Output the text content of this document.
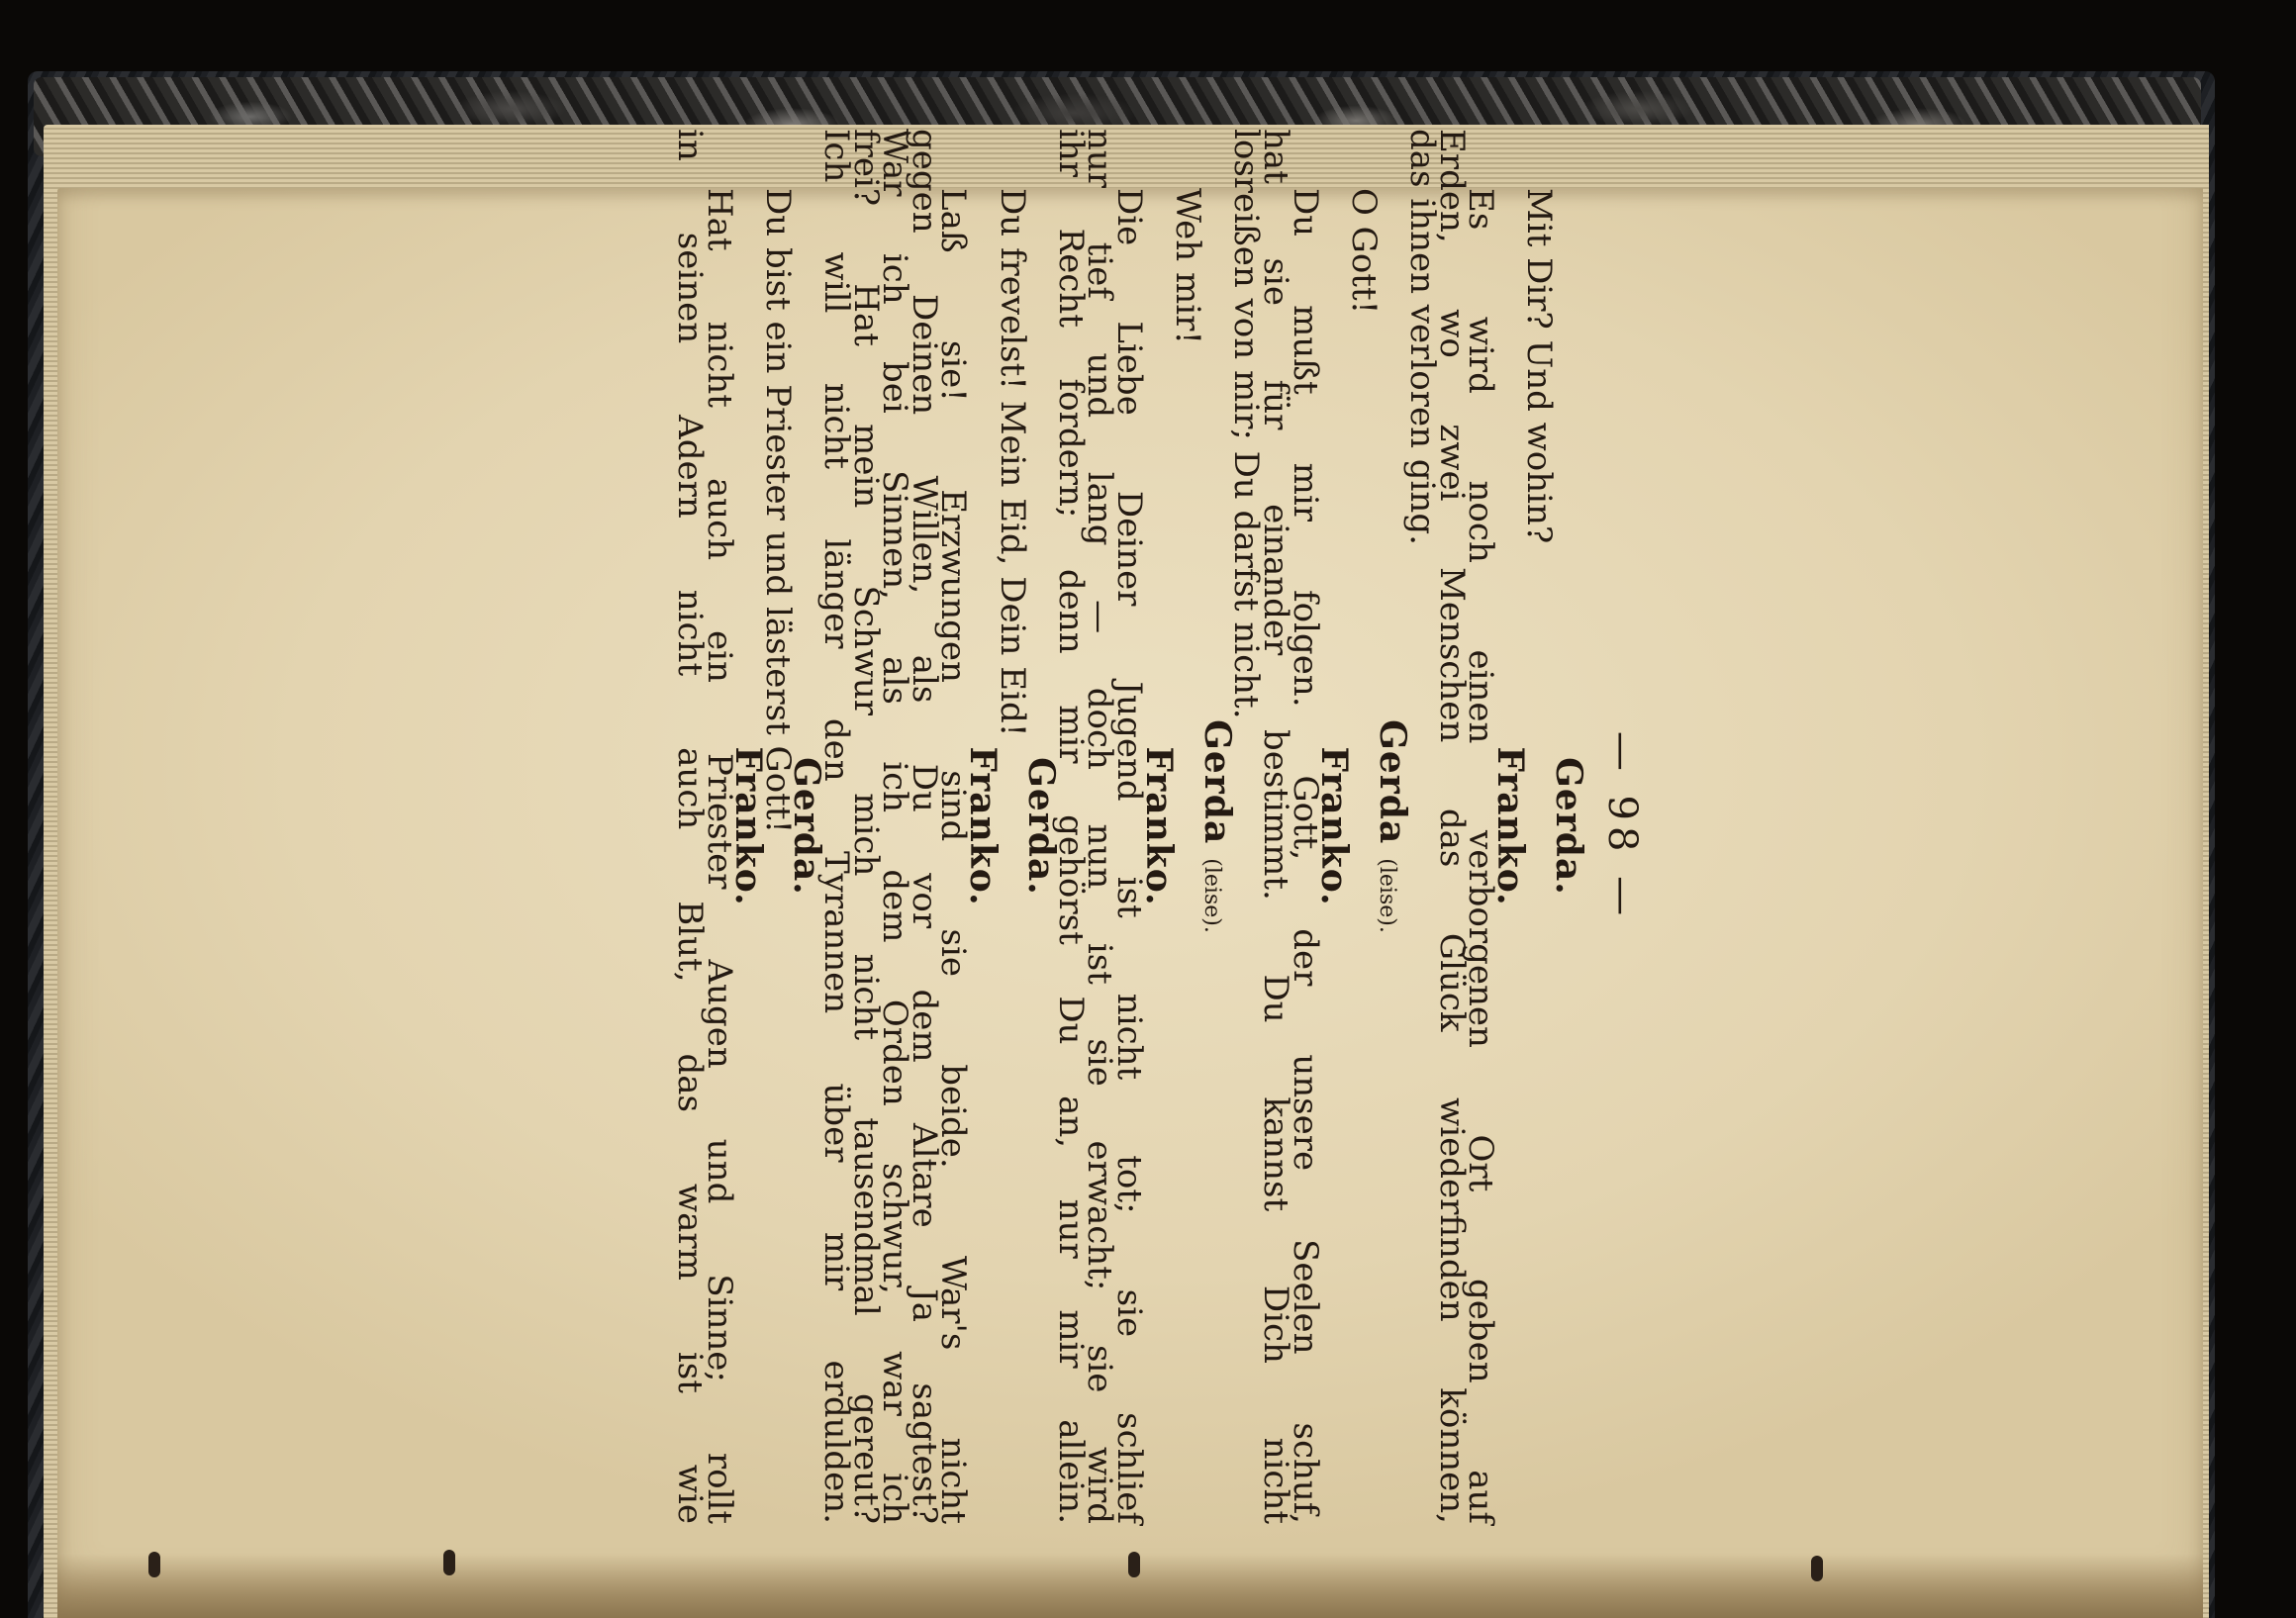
— 98 —
Gerda.
Mit Dir? Und wohin?
Franko.
Es wird noch einen verborgenen Ort geben auf
Erden, wo zwei Menschen das Glück wiederfinden können,
das ihnen verloren ging.
Gerda(leise).
O Gott!
Franko.
Du mußt mir folgen. Gott, der unsere Seelen schuf,
hat sie für einander bestimmt. Du kannst Dich nicht
losreißen von mir; Du darfst nicht.
Gerda(leise).
Weh mir!
Franko.
Die Liebe Deiner Jugend ist nicht tot; sie schlief
nur tief und lang — doch nun ist sie erwacht; sie wird
ihr Recht fordern; denn mir gehörst Du an, nur mir allein.
Gerda.
Du frevelst! Mein Eid, Dein Eid!
Franko.
Laß sie! Erzwungen sind sie beide. War's nicht
gegen Deinen Willen, als Du vor dem Altare Ja sagtest?
War ich bei Sinnen, als ich dem Orden schwur, war ich
frei? Hat mein Schwur mich nicht tausendmal gereut?
Ich will nicht länger den Tyrannen über mir erdulden.
Gerda.
Du bist ein Priester und lästerst Gott!
Franko.
Hat nicht auch ein Priester Augen und Sinne; rollt
in seinen Adern nicht auch Blut, das warm ist wie
